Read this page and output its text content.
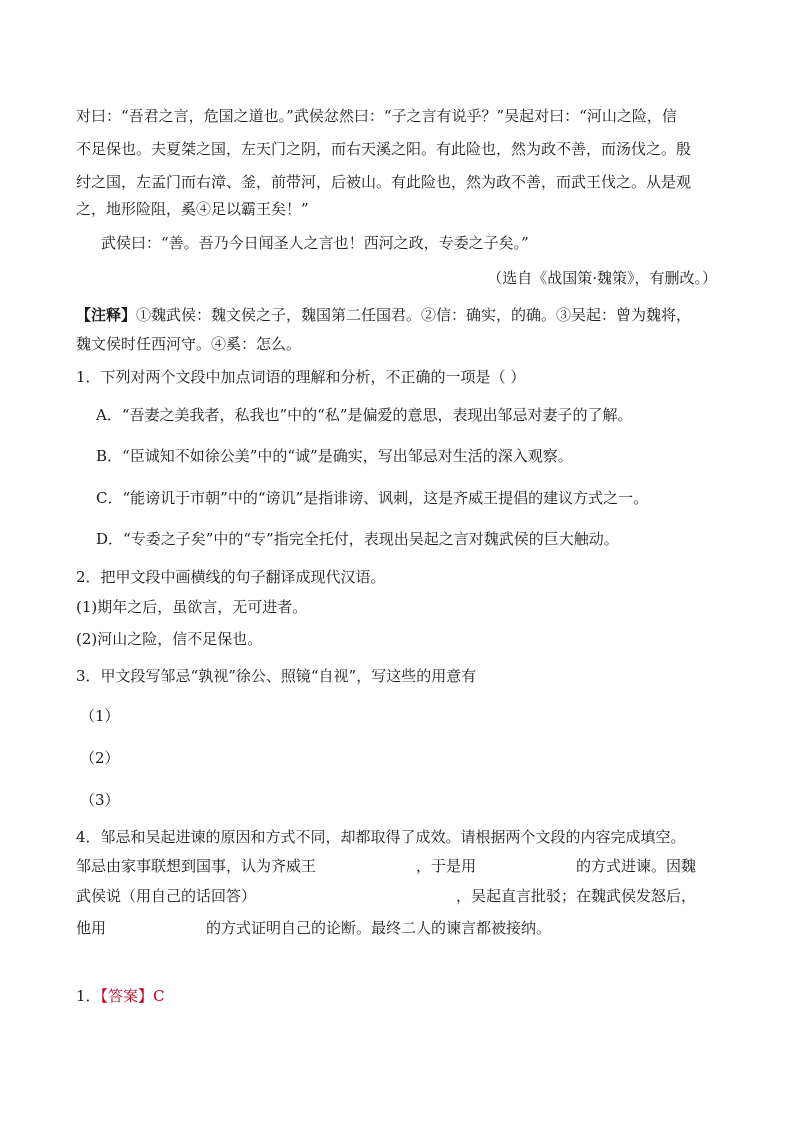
对曰：“吾君之言，危国之道也。”武侯忿然曰：“子之言有说乎？”吴起对曰：“河山之险，信
不足保也。夫夏桀之国，左天门之阴，而右天溪之阳。有此险也，然为政不善，而汤伐之。殷
纣之国，左孟门而右漳、釜，前带河，后被山。有此险也，然为政不善，而武王伐之。从是观
之，地形险阻，奚④足以霸王矣！”
武侯曰：“善。吾乃今日闻圣人之言也！西河之政，专委之子矣。”
（选自《战国策·魏策》，有删改。）
【注释】①魏武侯：魏文侯之子，魏国第二任国君。②信：确实，的确。③吴起：曾为魏将，
魏文侯时任西河守。④奚：怎么。
1．下列对两个文段中加点词语的理解和分析，不正确的一项是（ ）
A．“吾妻之美我者，私我也”中的“私”是偏爱的意思，表现出邹忌对妻子的了解。
B．“臣诚知不如徐公美”中的“诚”是确实，写出邹忌对生活的深入观察。
C．“能谤讥于市朝”中的“谤讥”是指诽谤、讽刺，这是齐威王提倡的建议方式之一。
D．“专委之子矣”中的“专”指完全托付，表现出吴起之言对魏武侯的巨大触动。
2．把甲文段中画横线的句子翻译成现代汉语。
(1)期年之后，虽欲言，无可进者。
(2)河山之险，信不足保也。
3．甲文段写邹忌“孰视”徐公、照镜“自视”，写这些的用意有
（1）
（2）
（3）
4．邹忌和吴起进谏的原因和方式不同，却都取得了成效。请根据两个文段的内容完成填空。
邹忌由家事联想到国事，认为齐威王	，于是用	的方式进谏。因魏
武侯说（用自己的话回答）	，吴起直言批驳；在魏武侯发怒后，
他用	的方式证明自己的论断。最终二人的谏言都被接纳。
1．【答案】C
